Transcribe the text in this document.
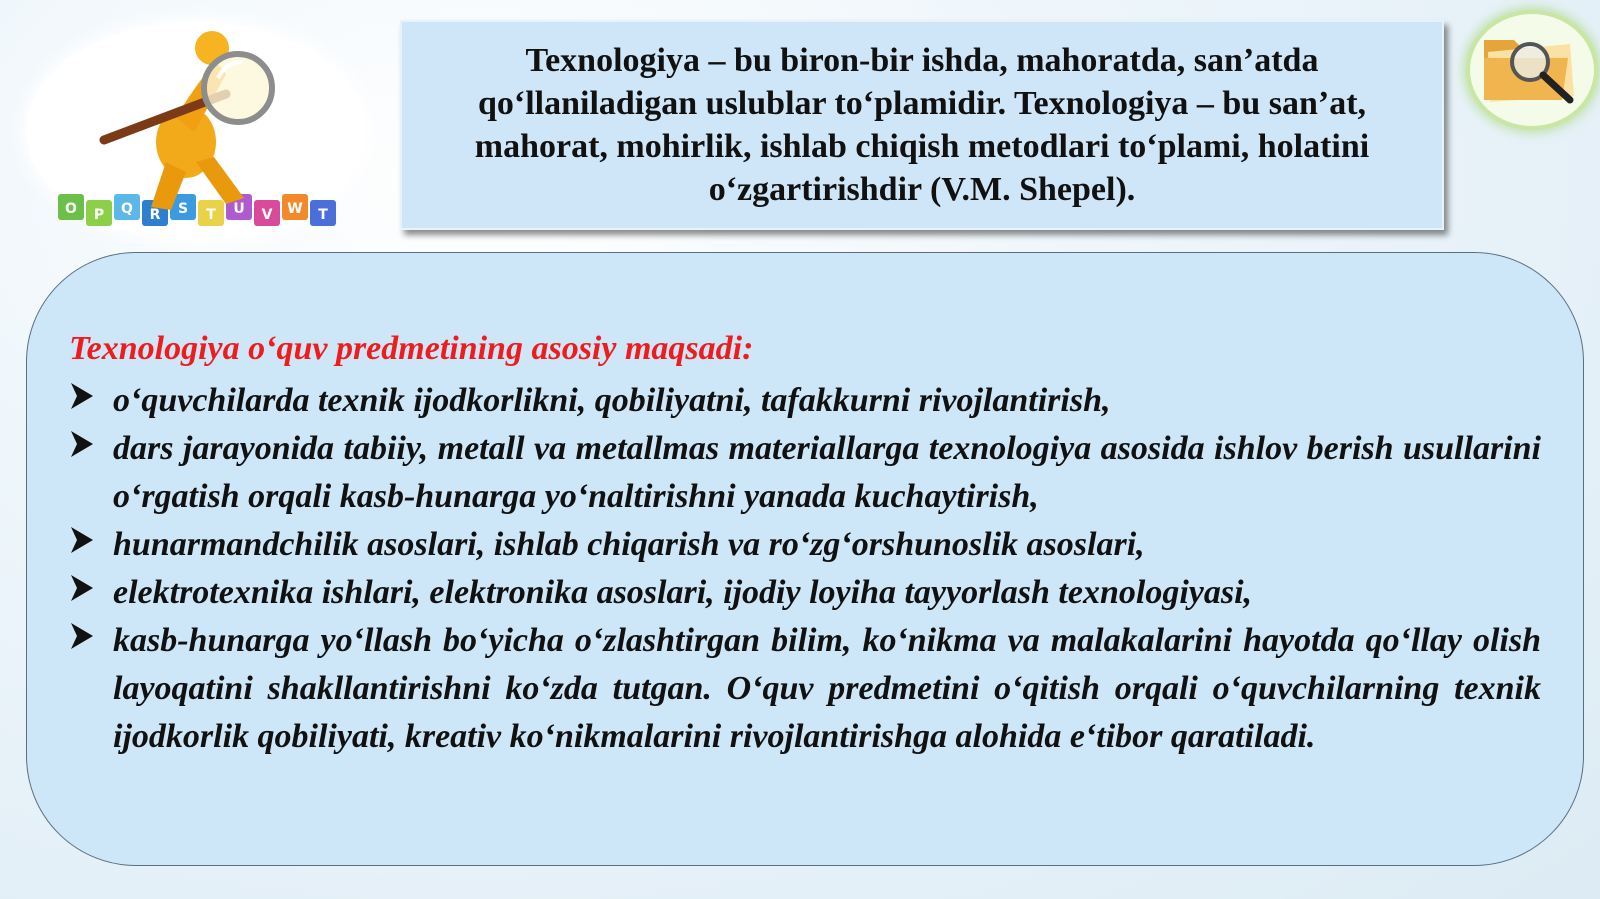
O P Q R S T U V W T

Texnologiya – bu biron-bir ishda, mahoratda, san’atda qo‘llaniladigan uslublar to‘plamidir. Texnologiya – bu san’at, mahorat, mohirlik, ishlab chiqish metodlari to‘plami, holatini o‘zgartirishdir (V.M. Shepel).

Texnologiya o‘quv predmetining asosiy maqsadi:
o‘quvchilarda texnik ijodkorlikni, qobiliyatni, tafakkurni rivojlantirish,
dars jarayonida tabiiy, metall va metallmas materiallarga texnologiya asosida ishlov berish usullarini o‘rgatish orqali kasb-hunarga yo‘naltirishni yanada kuchaytirish,
hunarmandchilik asoslari, ishlab chiqarish va ro‘zg‘orshunoslik asoslari,
elektrotexnika ishlari, elektronika asoslari, ijodiy loyiha tayyorlash texnologiyasi,
kasb-hunarga yo‘llash bo‘yicha o‘zlashtirgan bilim, ko‘nikma va malakalarini hayotda qo‘llay olish layoqatini shakllantirishni ko‘zda tutgan. O‘quv predmetini o‘qitish orqali o‘quvchilarning texnik ijodkorlik qobiliyati, kreativ ko‘nikmalarini rivojlantirishga alohida e‘tibor qaratiladi.
